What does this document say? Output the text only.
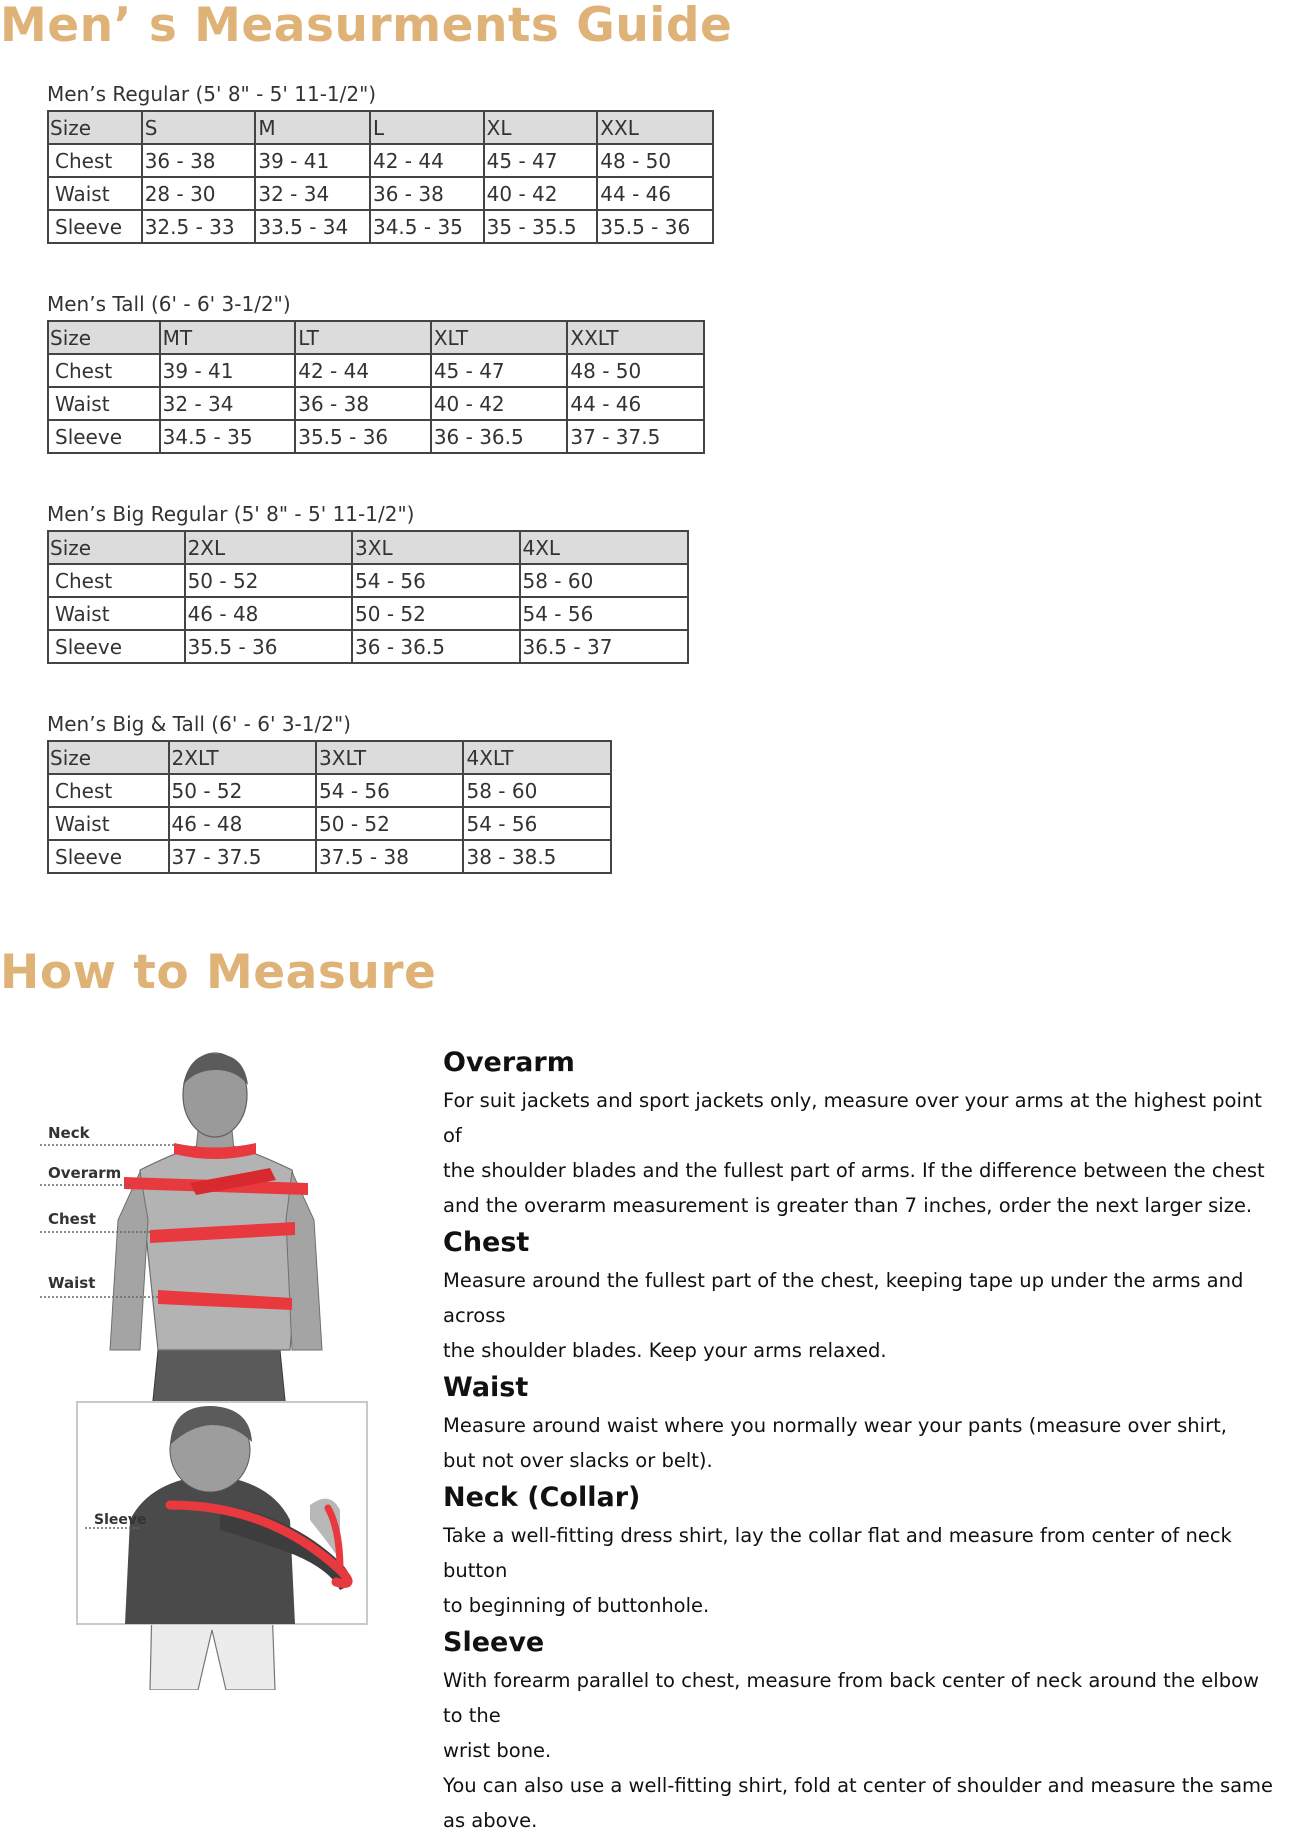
Men’ s Measurments Guide
Men’s Regular (5' 8" - 5' 11-1/2")
Size	S	M	L	XL	XXL
Chest	36 - 38	39 - 41	42 - 44	45 - 47	48 - 50
Waist	28 - 30	32 - 34	36 - 38	40 - 42	44 - 46
Sleeve	32.5 - 33	33.5 - 34	34.5 - 35	35 - 35.5	35.5 - 36
Men’s Tall (6' - 6' 3-1/2")
Size	MT	LT	XLT	XXLT
Chest	39 - 41	42 - 44	45 - 47	48 - 50
Waist	32 - 34	36 - 38	40 - 42	44 - 46
Sleeve	34.5 - 35	35.5 - 36	36 - 36.5	37 - 37.5
Men’s Big Regular (5' 8" - 5' 11-1/2")
Size	2XL	3XL	4XL
Chest	50 - 52	54 - 56	58 - 60
Waist	46 - 48	50 - 52	54 - 56
Sleeve	35.5 - 36	36 - 36.5	36.5 - 37
Men’s Big & Tall (6' - 6' 3-1/2")
Size	2XLT	3XLT	4XLT
Chest	50 - 52	54 - 56	58 - 60
Waist	46 - 48	50 - 52	54 - 56
Sleeve	37 - 37.5	37.5 - 38	38 - 38.5
How to Measure
Neck
Overarm
Chest
Waist
Sleeve
Overarm

For suit jackets and sport jackets only, measure over your arms at the highest point of

the shoulder blades and the fullest part of arms. If the difference between the chest

and the overarm measurement is greater than 7 inches, order the next larger size.

Chest

Measure around the fullest part of the chest, keeping tape up under the arms and across

the shoulder blades. Keep your arms relaxed.

Waist

Measure around waist where you normally wear your pants (measure over shirt,

but not over slacks or belt).

Neck (Collar)

Take a well-fitting dress shirt, lay the collar flat and measure from center of neck button

to beginning of buttonhole.

Sleeve

With forearm parallel to chest, measure from back center of neck around the elbow to the

wrist bone.

You can also use a well-fitting shirt, fold at center of shoulder and measure the same as above.
